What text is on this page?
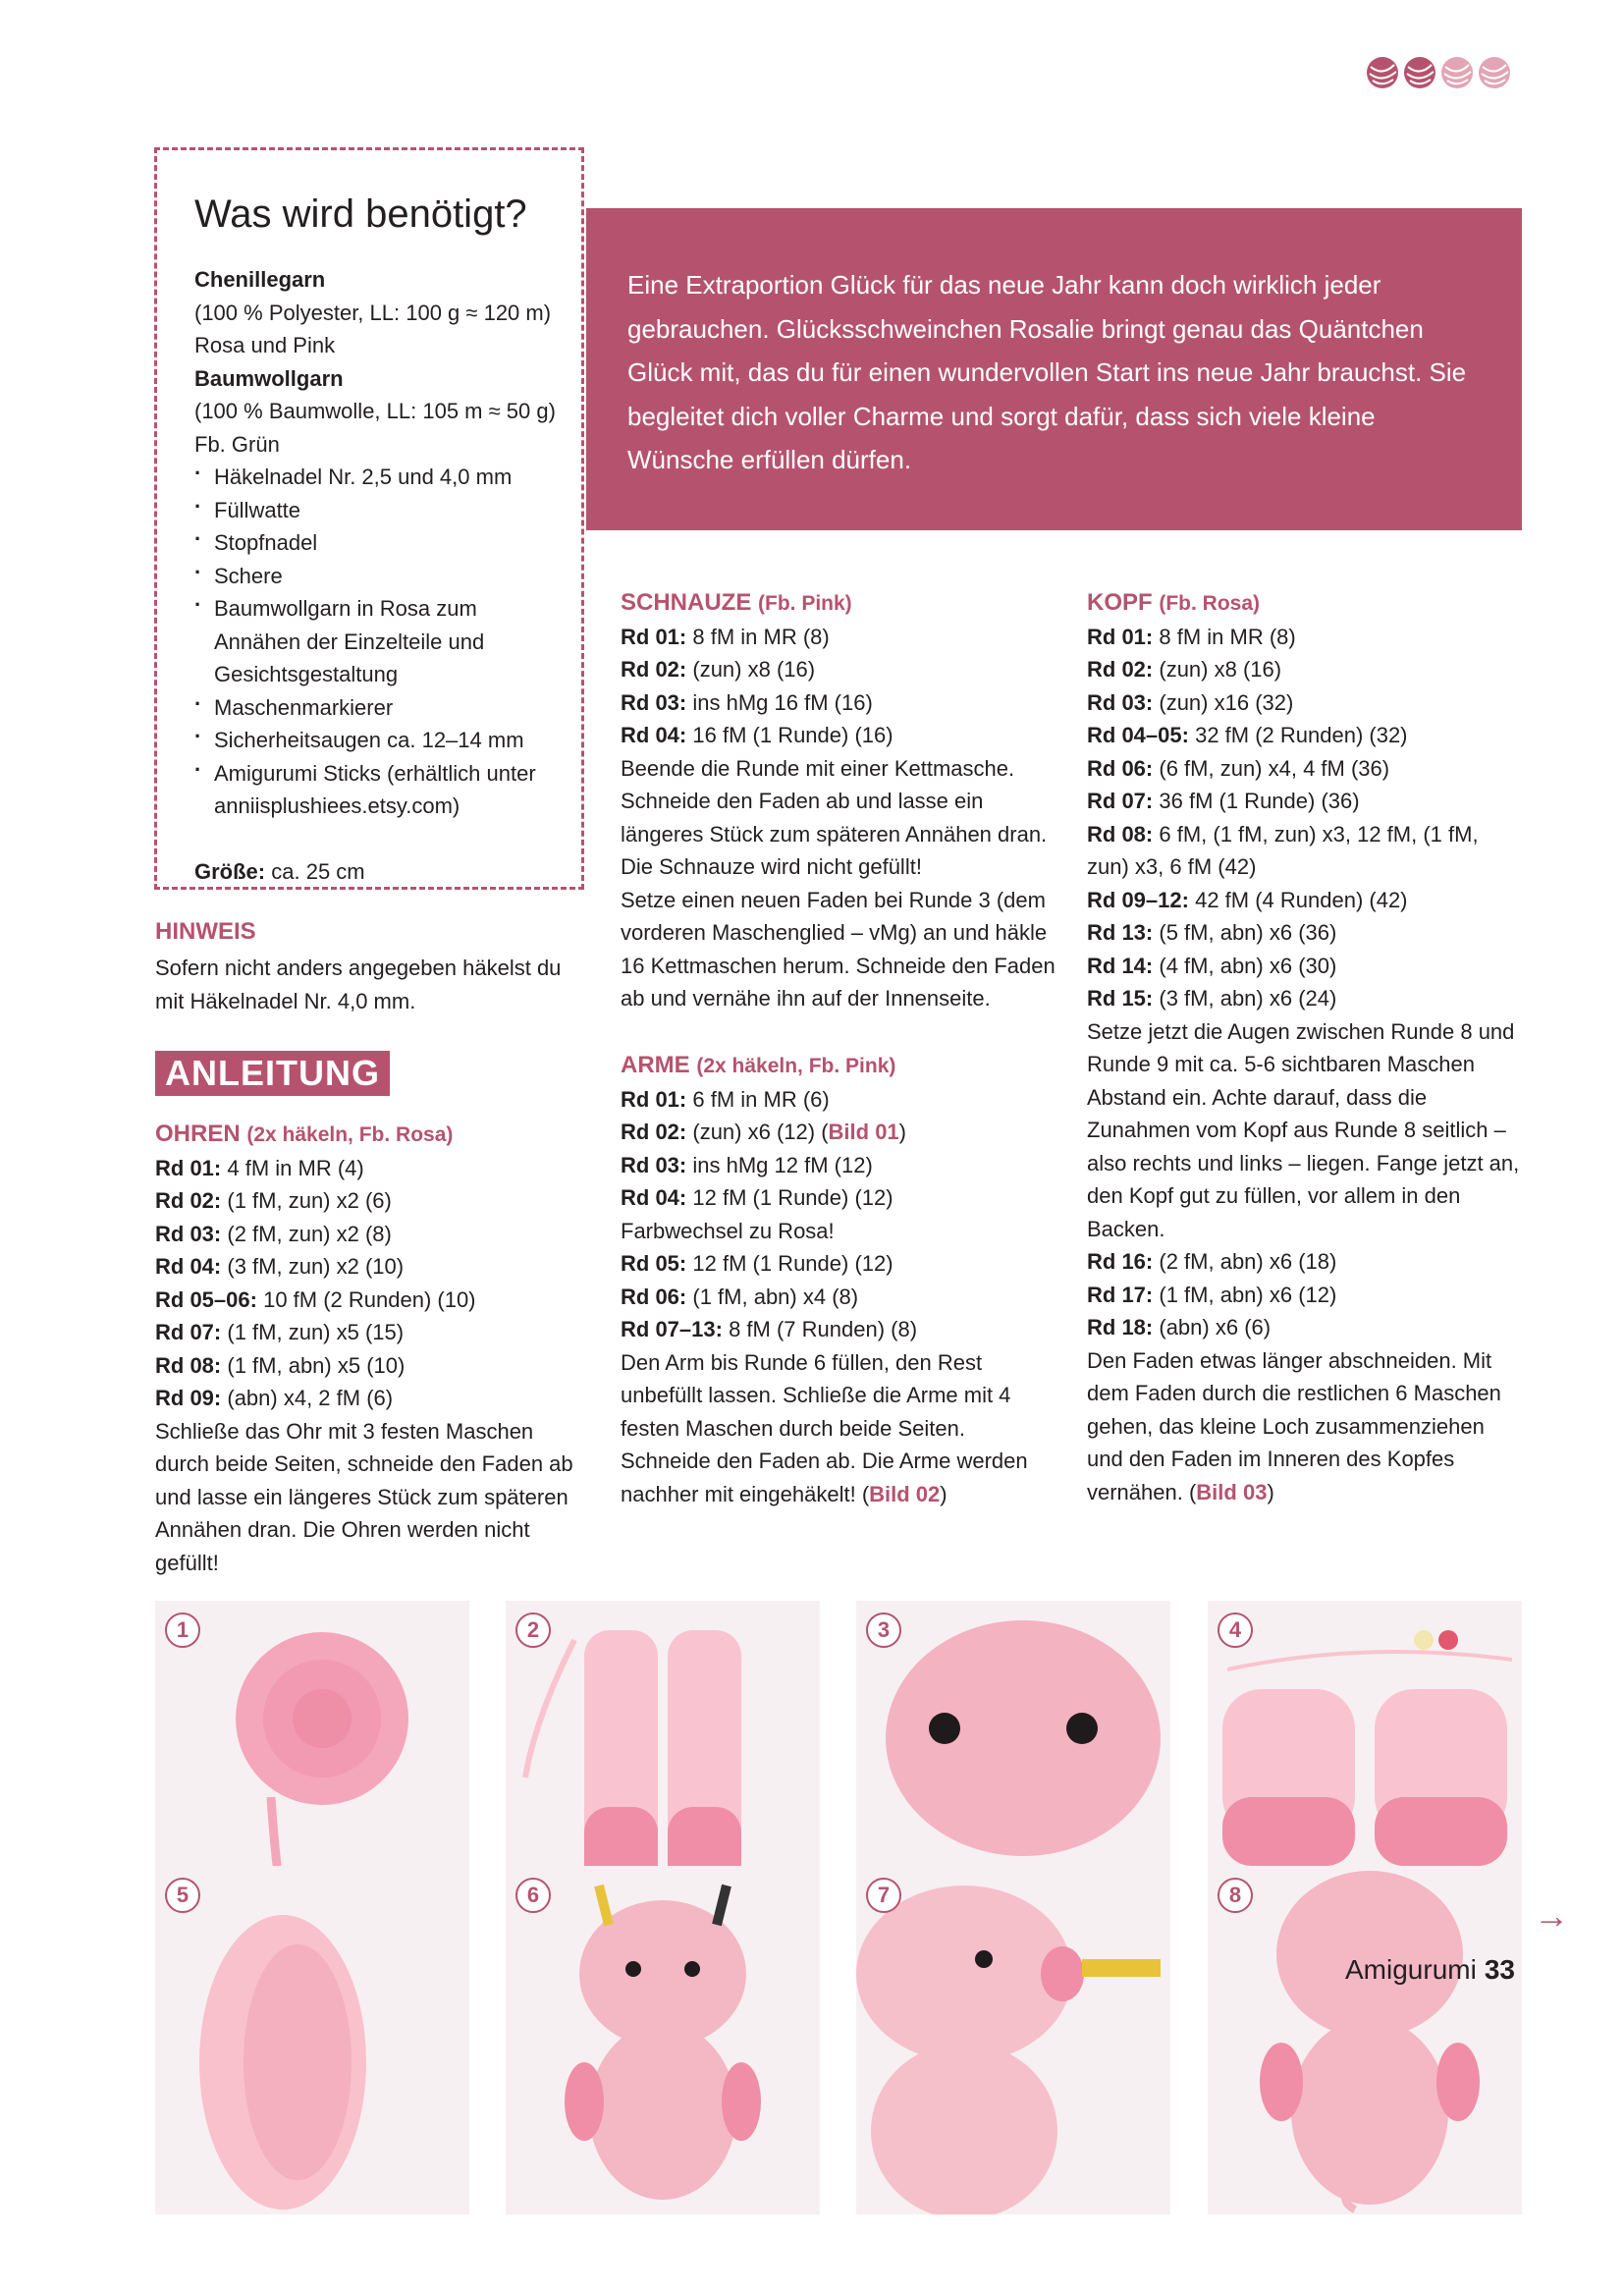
Was wird benötigt?
Chenillegarn
(100 % Polyester, LL: 100 g ≈ 120 m)
Rosa und Pink
Baumwollgarn
(100 % Baumwolle, LL: 105 m ≈ 50 g)
Fb. Grün
· Häkelnadel Nr. 2,5 und 4,0 mm
· Füllwatte
· Stopfnadel
· Schere
· Baumwollgarn in Rosa zum Annähen der Einzelteile und Gesichtsgestaltung
· Maschenmarkierer
· Sicherheitsaugen ca. 12–14 mm
· Amigurumi Sticks (erhältlich unter anniisplushiees.etsy.com)
Größe: ca. 25 cm
Eine Extraportion Glück für das neue Jahr kann doch wirklich jeder gebrauchen. Glücksschweinchen Rosalie bringt genau das Quäntchen Glück mit, das du für einen wundervollen Start ins neue Jahr brauchst. Sie begleitet dich voller Charme und sorgt dafür, dass sich viele kleine Wünsche erfüllen dürfen.
HINWEIS
Sofern nicht anders angegeben häkelst du mit Häkelnadel Nr. 4,0 mm.
ANLEITUNG
OHREN (2x häkeln, Fb. Rosa)
Rd 01: 4 fM in MR (4)
Rd 02: (1 fM, zun) x2 (6)
Rd 03: (2 fM, zun) x2 (8)
Rd 04: (3 fM, zun) x2 (10)
Rd 05–06: 10 fM (2 Runden) (10)
Rd 07: (1 fM, zun) x5 (15)
Rd 08: (1 fM, abn) x5 (10)
Rd 09: (abn) x4, 2 fM (6)
Schließe das Ohr mit 3 festen Maschen durch beide Seiten, schneide den Faden ab und lasse ein längeres Stück zum späteren Annähen dran. Die Ohren werden nicht gefüllt!
SCHNAUZE (Fb. Pink)
Rd 01: 8 fM in MR (8)
Rd 02: (zun) x8 (16)
Rd 03: ins hMg 16 fM (16)
Rd 04: 16 fM (1 Runde) (16)
Beende die Runde mit einer Kettmasche. Schneide den Faden ab und lasse ein längeres Stück zum späteren Annähen dran. Die Schnauze wird nicht gefüllt!
Setze einen neuen Faden bei Runde 3 (dem vorderen Maschenglied – vMg) an und häkle 16 Kettmaschen herum. Schneide den Faden ab und vernähe ihn auf der Innenseite.
ARME (2x häkeln, Fb. Pink)
Rd 01: 6 fM in MR (6)
Rd 02: (zun) x6 (12) (Bild 01)
Rd 03: ins hMg 12 fM (12)
Rd 04: 12 fM (1 Runde) (12)
Farbwechsel zu Rosa!
Rd 05: 12 fM (1 Runde) (12)
Rd 06: (1 fM, abn) x4 (8)
Rd 07–13: 8 fM (7 Runden) (8)
Den Arm bis Runde 6 füllen, den Rest unbefüllt lassen. Schließe die Arme mit 4 festen Maschen durch beide Seiten.
Schneide den Faden ab. Die Arme werden nachher mit eingehäkelt! (Bild 02)
KOPF (Fb. Rosa)
Rd 01: 8 fM in MR (8)
Rd 02: (zun) x8 (16)
Rd 03: (zun) x16 (32)
Rd 04–05: 32 fM (2 Runden) (32)
Rd 06: (6 fM, zun) x4, 4 fM (36)
Rd 07: 36 fM (1 Runde) (36)
Rd 08: 6 fM, (1 fM, zun) x3, 12 fM, (1 fM, zun) x3, 6 fM (42)
Rd 09–12: 42 fM (4 Runden) (42)
Rd 13: (5 fM, abn) x6 (36)
Rd 14: (4 fM, abn) x6 (30)
Rd 15: (3 fM, abn) x6 (24)
Setze jetzt die Augen zwischen Runde 8 und Runde 9 mit ca. 5-6 sichtbaren Maschen Abstand ein. Achte darauf, dass die Zunahmen vom Kopf aus Runde 8 seitlich – also rechts und links – liegen. Fange jetzt an, den Kopf gut zu füllen, vor allem in den Backen.
Rd 16: (2 fM, abn) x6 (18)
Rd 17: (1 fM, abn) x6 (12)
Rd 18: (abn) x6 (6)
Den Faden etwas länger abschneiden. Mit dem Faden durch die restlichen 6 Maschen gehen, das kleine Loch zusammenziehen und den Faden im Inneren des Kopfes vernähen. (Bild 03)
1	2	3	4
5	6	7	8
→
Amigurumi 33
